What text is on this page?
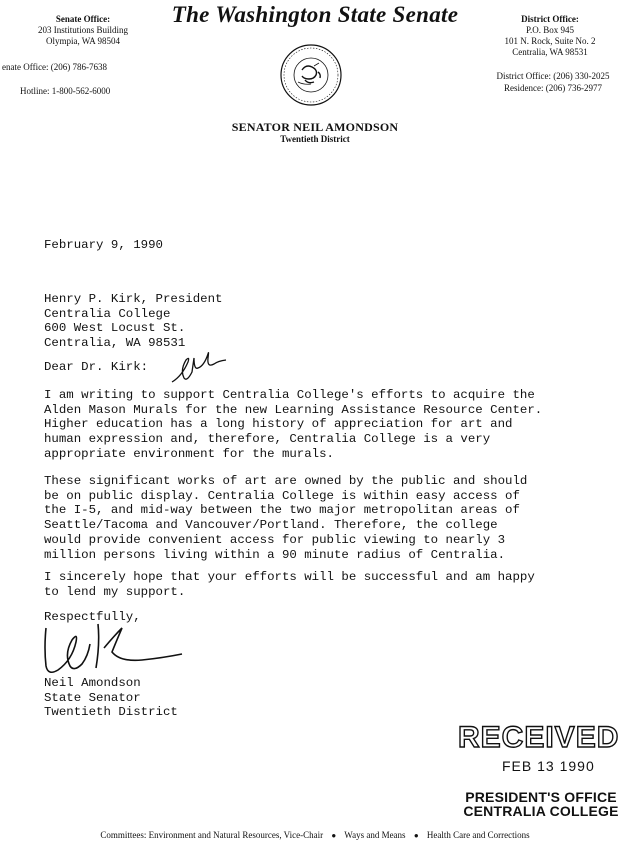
Senate Office:
203 Institutions Building
Olympia, WA 98504
enate Office: (206) 786-7638
Hotline: 1-800-562-6000
The Washington State Senate	District Office:
P.O. Box 945
101 N. Rock, Suite No. 2
Centralia, WA 98531
District Office: (206) 330-2025
Residence: (206) 736-2977
SENATOR NEIL AMONDSON
Twentieth District
February 9, 1990
Henry P. Kirk, President
Centralia College
600 West Locust St.
Centralia, WA 98531
Dear Dr. Kirk:
I am writing to support Centralia College's efforts to acquire the
Alden Mason Murals for the new Learning Assistance Resource Center.
Higher education has a long history of appreciation for art and
human expression and, therefore, Centralia College is a very
appropriate environment for the murals.
These significant works of art are owned by the public and should
be on public display. Centralia College is within easy access of
the I-5, and mid-way between the two major metropolitan areas of
Seattle/Tacoma and Vancouver/Portland. Therefore, the college
would provide convenient access for public viewing to nearly 3
million persons living within a 90 minute radius of Centralia.
I sincerely hope that your efforts will be successful and am happy
to lend my support.
Respectfully,
Neil Amondson
State Senator
Twentieth District
RECEIVED
FEB 13 1990
PRESIDENT'S OFFICE
CENTRALIA COLLEGE
Committees: Environment and Natural Resources, Vice-Chair ● Ways and Means ● Health Care and Corrections
